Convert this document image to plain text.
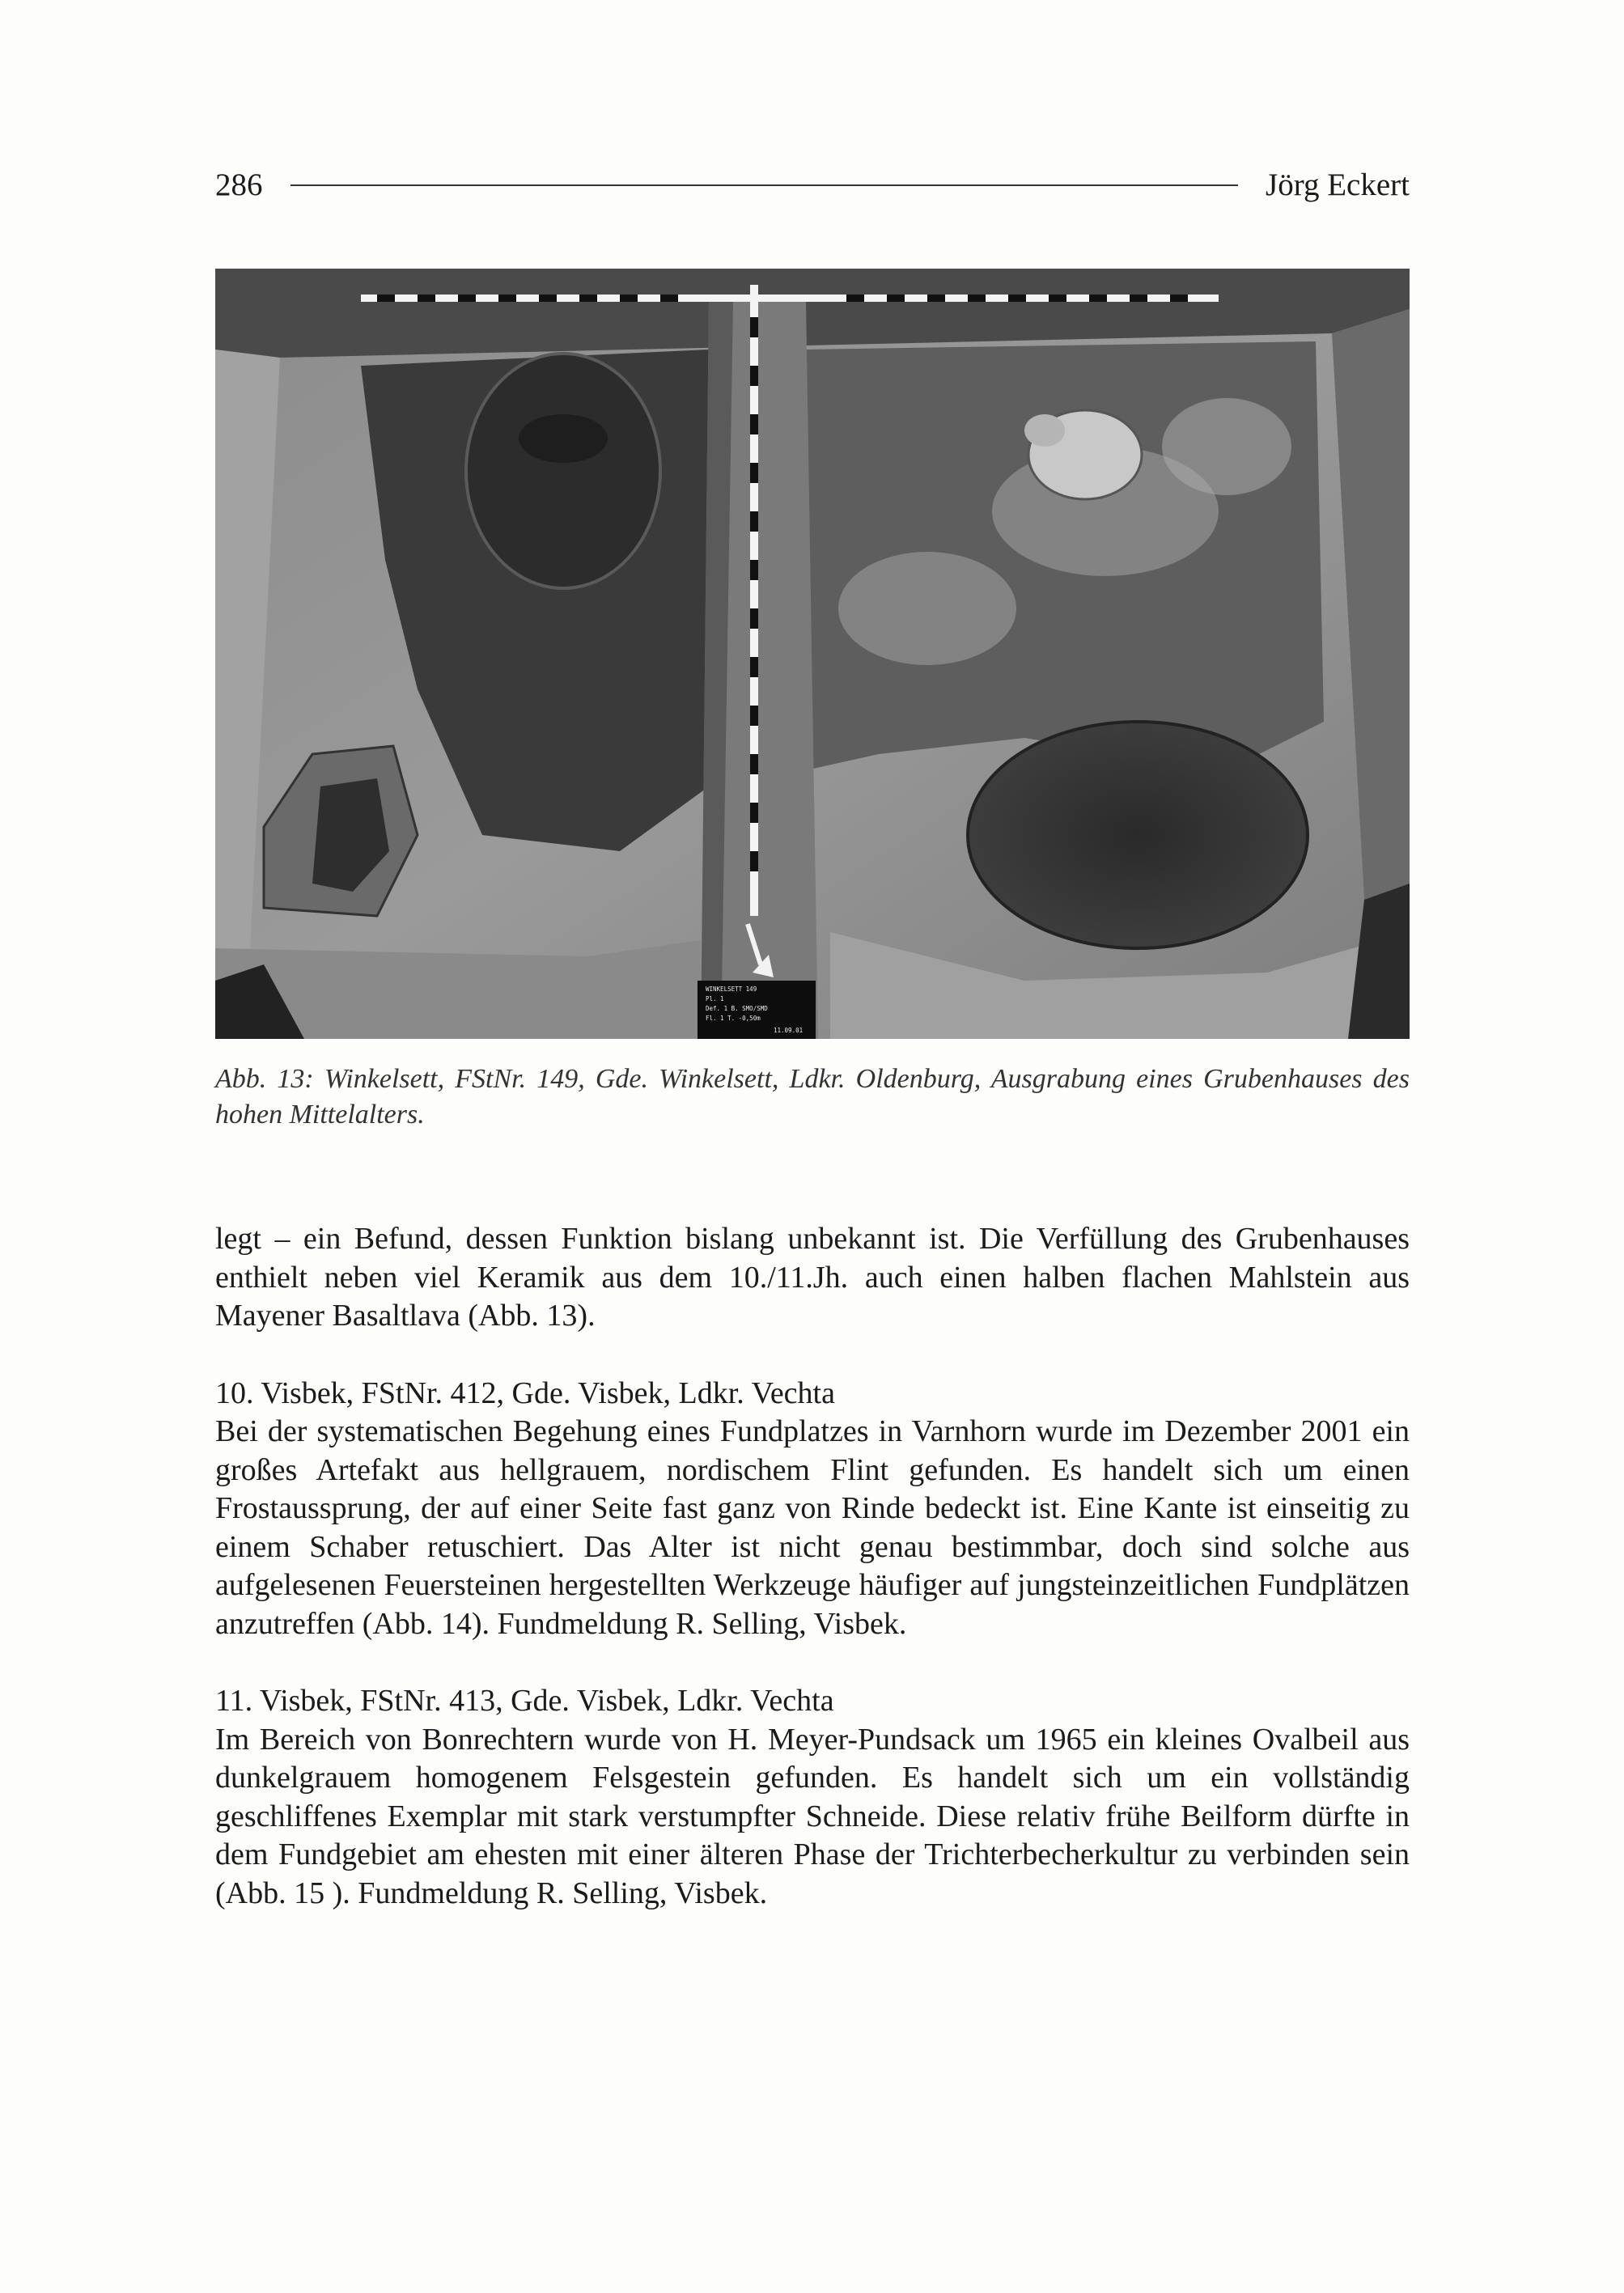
286	Jörg Eckert
WINKELSETT 149
Pl. 1
Def. 1 B. SMO/SMD
Fl. 1 T. -0,50m
11.09.01
Abb. 13: Winkelsett, FStNr. 149, Gde. Winkelsett, Ldkr. Oldenburg, Ausgrabung eines Grubenhauses des hohen Mittelalters.

legt – ein Befund, dessen Funktion bislang unbekannt ist. Die Verfüllung des Grubenhauses enthielt neben viel Keramik aus dem 10./11.Jh. auch einen halben flachen Mahlstein aus Mayener Basaltlava (Abb. 13).

10. Visbek, FStNr. 412, Gde. Visbek, Ldkr. Vechta

Bei der systematischen Begehung eines Fundplatzes in Varnhorn wurde im Dezember 2001 ein großes Artefakt aus hellgrauem, nordischem Flint gefunden. Es handelt sich um einen Frostaussprung, der auf einer Seite fast ganz von Rinde bedeckt ist. Eine Kante ist einseitig zu einem Schaber retuschiert. Das Alter ist nicht genau bestimmbar, doch sind solche aus aufgelesenen Feuersteinen hergestellten Werkzeuge häufiger auf jungsteinzeitlichen Fundplätzen anzutreffen (Abb. 14). Fundmeldung R. Selling, Visbek.

11. Visbek, FStNr. 413, Gde. Visbek, Ldkr. Vechta

Im Bereich von Bonrechtern wurde von H. Meyer-Pundsack um 1965 ein kleines Ovalbeil aus dunkelgrauem homogenem Felsgestein gefunden. Es handelt sich um ein vollständig geschliffenes Exemplar mit stark verstumpfter Schneide. Diese relativ frühe Beilform dürfte in dem Fundgebiet am ehesten mit einer älteren Phase der Trichterbecherkultur zu verbinden sein (Abb. 15 ). Fundmeldung R. Selling, Visbek.
